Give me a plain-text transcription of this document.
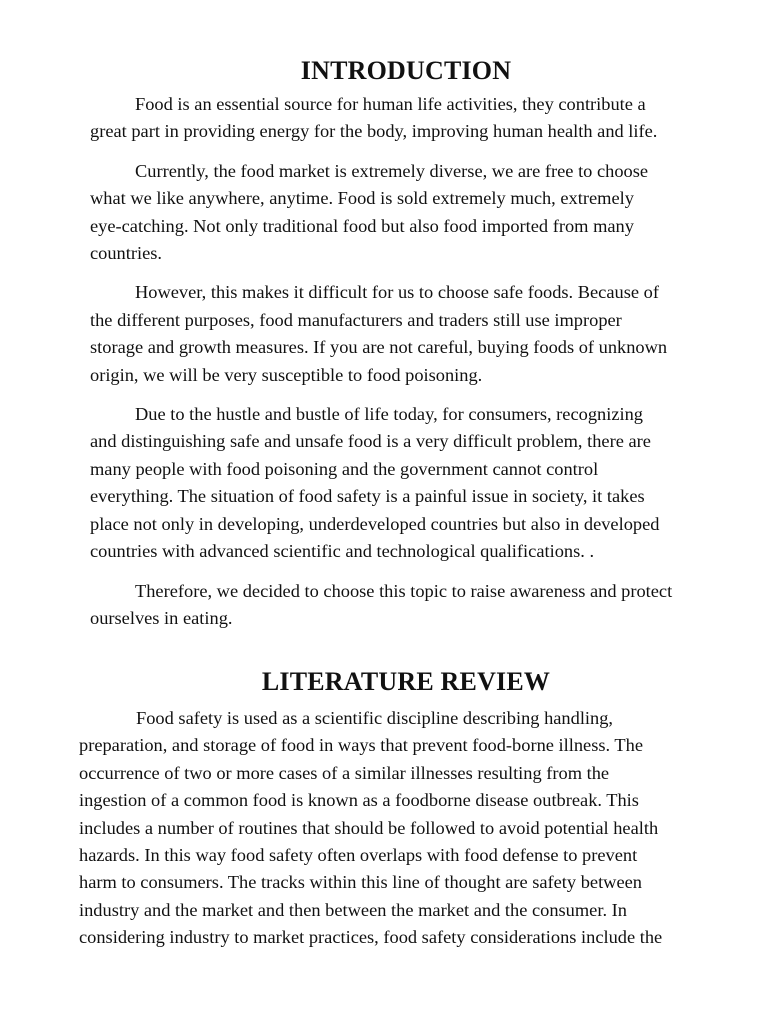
INTRODUCTION

Food is an essential source for human life activities, they contribute a
great part in providing energy for the body, improving human health and life.

Currently, the food market is extremely diverse, we are free to choose
what we like anywhere, anytime. Food is sold extremely much, extremely
eye-catching. Not only traditional food but also food imported from many
countries.

However, this makes it difficult for us to choose safe foods. Because of
the different purposes, food manufacturers and traders still use improper
storage and growth measures. If you are not careful, buying foods of unknown
origin, we will be very susceptible to food poisoning.

Due to the hustle and bustle of life today, for consumers, recognizing
and distinguishing safe and unsafe food is a very difficult problem, there are
many people with food poisoning and the government cannot control
everything. The situation of food safety is a painful issue in society, it takes
place not only in developing, underdeveloped countries but also in developed
countries with advanced scientific and technological qualifications. .

Therefore, we decided to choose this topic to raise awareness and protect
ourselves in eating.

LITERATURE REVIEW

Food safety is used as a scientific discipline describing handling,
preparation, and storage of food in ways that prevent food-borne illness. The
occurrence of two or more cases of a similar illnesses resulting from the
ingestion of a common food is known as a foodborne disease outbreak. This
includes a number of routines that should be followed to avoid potential health
hazards. In this way food safety often overlaps with food defense to prevent
harm to consumers. The tracks within this line of thought are safety between
industry and the market and then between the market and the consumer. In
considering industry to market practices, food safety considerations include the
